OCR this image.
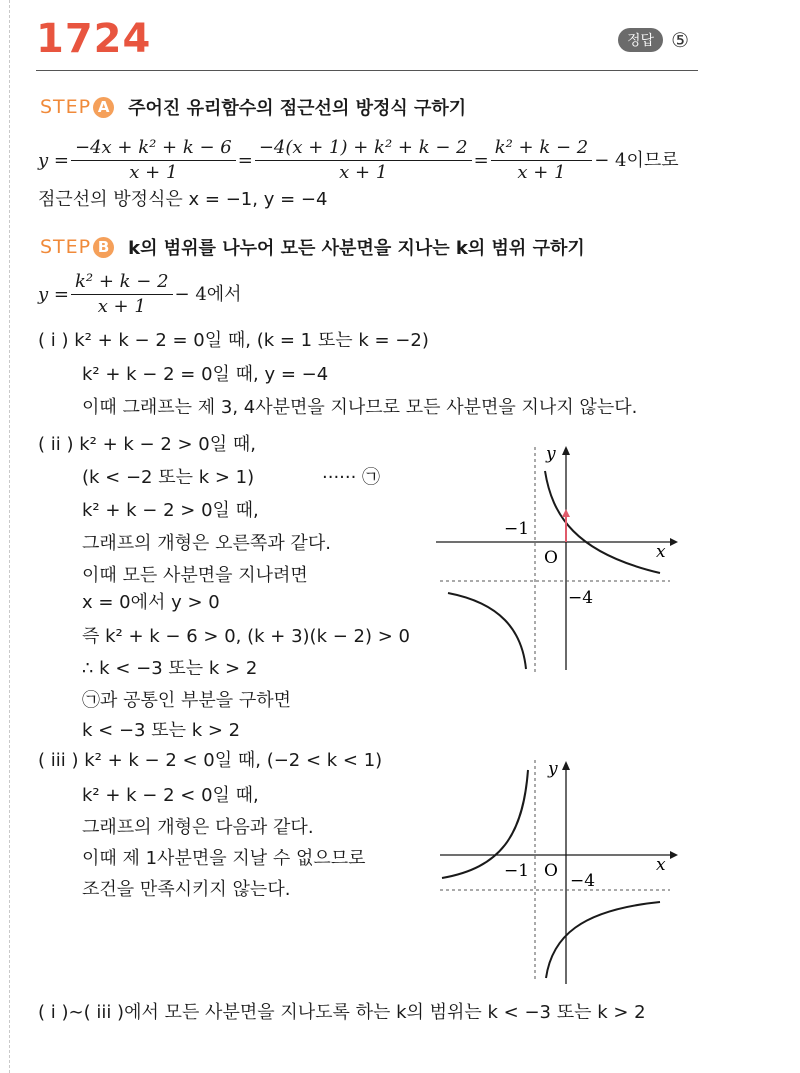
1724	정답 ⑤
STEP A 주어진 유리함수의 점근선의 방정식 구하기
$y = \frac{\text{−4x + k² + k − 6}}{x + 1} = \frac{\text{−4(x + 1) + k² + k − 2}}{x + 1} = \frac{\text{k² + k − 2}}{x + 1} - 4$이므로
점근선의 방정식은 x = −1, y = −4
STEP B k의 범위를 나누어 모든 사분면을 지나는 k의 범위 구하기
$y = \frac{\text{k² + k − 2}}{x + 1} - 4$에서
( i ) k² + k − 2 = 0일 때, (k = 1 또는 k = −2)
k² + k − 2 = 0일 때, y = −4
이때 그래프는 제 3, 4사분면을 지나므로 모든 사분면을 지나지 않는다.
( ii ) k² + k − 2 > 0일 때,
(k < −2 또는 k > 1)	······ ㉠
k² + k − 2 > 0일 때,
그래프의 개형은 오른쪽과 같다.
이때 모든 사분면을 지나려면
x = 0에서 y > 0
즉 k² + k − 6 > 0, (k + 3)(k − 2) > 0
∴ k < −3 또는 k > 2
㉠과 공통인 부분을 구하면
k < −3 또는 k > 2
y
x
O
−1
−4
( iii ) k² + k − 2 < 0일 때, (−2 < k < 1)
k² + k − 2 < 0일 때,
그래프의 개형은 다음과 같다.
이때 제 1사분면을 지날 수 없으므로
조건을 만족시키지 않는다.
y
x
O
−1 −4
( i )∼( iii )에서 모든 사분면을 지나도록 하는 k의 범위는 k < −3 또는 k > 2
